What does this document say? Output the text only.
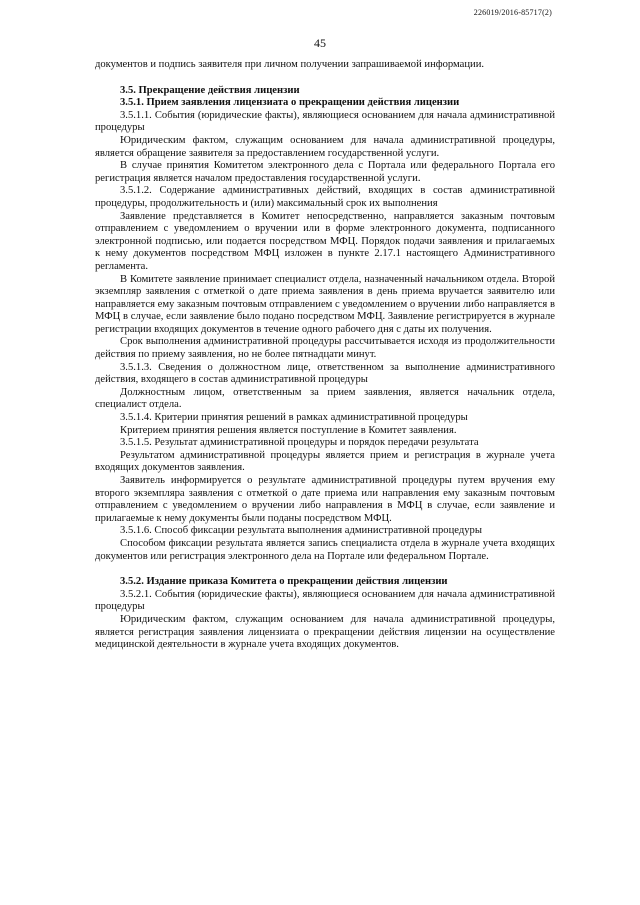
226019/2016-85717(2)
45

документов и подпись заявителя при личном получении запрашиваемой информации.

3.5. Прекращение действия лицензии

3.5.1. Прием заявления лицензиата о прекращении действия лицензии

3.5.1.1. События (юридические факты), являющиеся основанием для начала административной процедуры

Юридическим фактом, служащим основанием для начала административной процедуры, является обращение заявителя за предоставлением государственной услуги.

В случае принятия Комитетом электронного дела с Портала или федерального Портала его регистрация является началом предоставления государственной услуги.

3.5.1.2. Содержание административных действий, входящих в состав административной процедуры, продолжительность и (или) максимальный срок их выполнения

Заявление представляется в Комитет непосредственно, направляется заказным почтовым отправлением с уведомлением о вручении или в форме электронного документа, подписанного электронной подписью, или подается посредством МФЦ. Порядок подачи заявления и прилагаемых к нему документов посредством МФЦ изложен в пункте 2.17.1 настоящего Административного регламента.

В Комитете заявление принимает специалист отдела, назначенный начальником отдела. Второй экземпляр заявления с отметкой о дате приема заявления в день приема вручается заявителю или направляется ему заказным почтовым отправлением с уведомлением о вручении либо направляется в МФЦ в случае, если заявление было подано посредством МФЦ. Заявление регистрируется в журнале регистрации входящих документов в течение одного рабочего дня с даты их получения.

Срок выполнения административной процедуры рассчитывается исходя из продолжительности действия по приему заявления, но не более пятнадцати минут.

3.5.1.3. Сведения о должностном лице, ответственном за выполнение административного действия, входящего в состав административной процедуры

Должностным лицом, ответственным за прием заявления, является начальник отдела, специалист отдела.

3.5.1.4. Критерии принятия решений в рамках административной процедуры

Критерием принятия решения является поступление в Комитет заявления.

3.5.1.5. Результат административной процедуры и порядок передачи результата

Результатом административной процедуры является прием и регистрация в журнале учета входящих документов заявления.

Заявитель информируется о результате административной процедуры путем вручения ему второго экземпляра заявления с отметкой о дате приема или направления ему заказным почтовым отправлением с уведомлением о вручении либо направления в МФЦ в случае, если заявление и прилагаемые к нему документы были поданы посредством МФЦ.

3.5.1.6. Способ фиксации результата выполнения административной процедуры

Способом фиксации результата является запись специалиста отдела в журнале учета входящих документов или регистрация электронного дела на Портале или федеральном Портале.

3.5.2. Издание приказа Комитета о прекращении действия лицензии

3.5.2.1. События (юридические факты), являющиеся основанием для начала административной процедуры

Юридическим фактом, служащим основанием для начала административной процедуры, является регистрация заявления лицензиата о прекращении действия лицензии на осуществление медицинской деятельности в журнале учета входящих документов.
